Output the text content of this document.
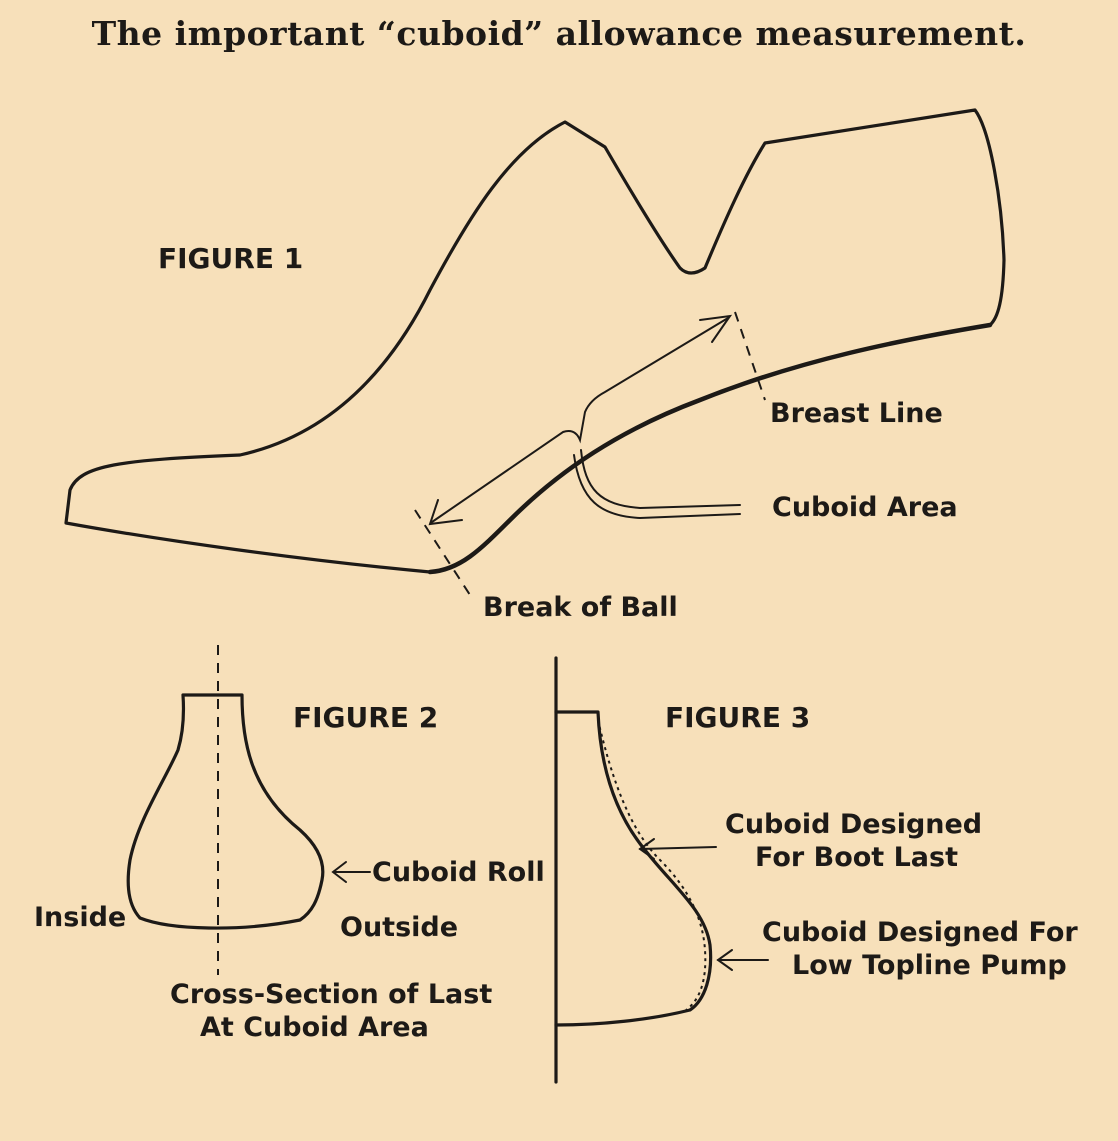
The important “cuboid” allowance measurement.
FIGURE 1
Breast Line
Cuboid Area
Break of Ball
FIGURE 2
Cuboid Roll
Inside	Outside
Cross-Section of Last
At Cuboid Area
FIGURE 3
Cuboid Designed
For Boot Last
Cuboid Designed For
Low Topline Pump
